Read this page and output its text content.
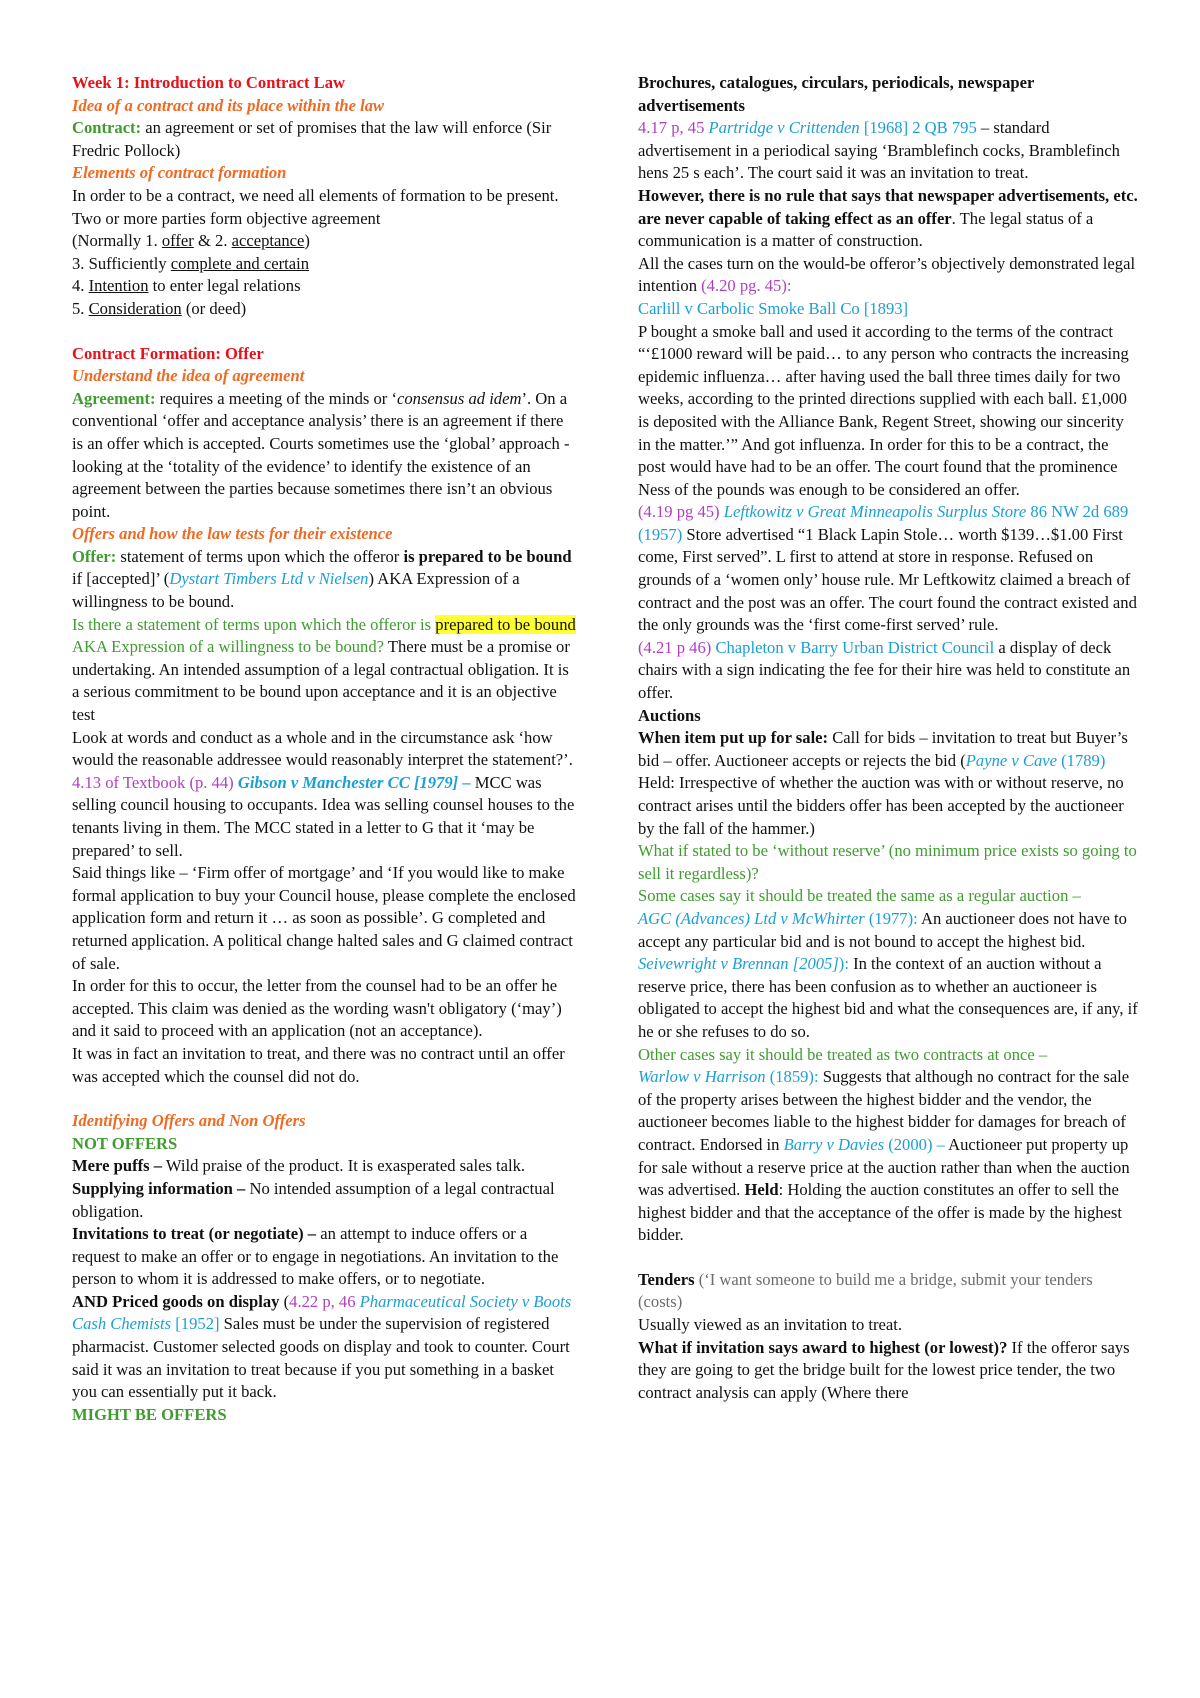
Week 1: Introduction to Contract Law
Idea of a contract and its place within the law
Contract: an agreement or set of promises that the law will enforce (Sir Fredric Pollock)
Elements of contract formation
In order to be a contract, we need all elements of formation to be present.
Two or more parties form objective agreement
(Normally 1. offer & 2. acceptance)
3. Sufficiently complete and certain
4. Intention to enter legal relations
5. Consideration (or deed)
Contract Formation: Offer
Understand the idea of agreement
Agreement: requires a meeting of the minds or ‘consensus ad idem’. On a conventional ‘offer and acceptance analysis’ there is an agreement if there is an offer which is accepted. Courts sometimes use the ‘global’ approach - looking at the ‘totality of the evidence’ to identify the existence of an agreement between the parties because sometimes there isn’t an obvious point.
Offers and how the law tests for their existence
Offer: statement of terms upon which the offeror is prepared to be bound if [accepted]’ (Dystart Timbers Ltd v Nielsen) AKA Expression of a willingness to be bound.
Is there a statement of terms upon which the offeror is prepared to be bound AKA Expression of a willingness to be bound? There must be a promise or undertaking. An intended assumption of a legal contractual obligation. It is a serious commitment to be bound upon acceptance and it is an objective test
Look at words and conduct as a whole and in the circumstance ask ‘how would the reasonable addressee would reasonably interpret the statement?’.
4.13 of Textbook (p. 44) Gibson v Manchester CC [1979] – MCC was selling council housing to occupants. Idea was selling counsel houses to the tenants living in them. The MCC stated in a letter to G that it ‘may be prepared’ to sell.
Said things like – ‘Firm offer of mortgage’ and ‘If you would like to make formal application to buy your Council house, please complete the enclosed application form and return it … as soon as possible’. G completed and returned application. A political change halted sales and G claimed contract of sale.
In order for this to occur, the letter from the counsel had to be an offer he accepted. This claim was denied as the wording wasn't obligatory (‘may’) and it said to proceed with an application (not an acceptance).
It was in fact an invitation to treat, and there was no contract until an offer was accepted which the counsel did not do.
Identifying Offers and Non Offers
NOT OFFERS
Mere puffs – Wild praise of the product. It is exasperated sales talk.
Supplying information – No intended assumption of a legal contractual obligation.
Invitations to treat (or negotiate) – an attempt to induce offers or a request to make an offer or to engage in negotiations. An invitation to the person to whom it is addressed to make offers, or to negotiate.
AND Priced goods on display (4.22 p, 46 Pharmaceutical Society v Boots Cash Chemists [1952] Sales must be under the supervision of registered pharmacist. Customer selected goods on display and took to counter. Court said it was an invitation to treat because if you put something in a basket you can essentially put it back.
MIGHT BE OFFERS
Brochures, catalogues, circulars, periodicals, newspaper advertisements
4.17 p, 45 Partridge v Crittenden [1968] 2 QB 795 – standard advertisement in a periodical saying ‘Bramblefinch cocks, Bramblefinch hens 25 s each’. The court said it was an invitation to treat.
However, there is no rule that says that newspaper advertisements, etc. are never capable of taking effect as an offer. The legal status of a communication is a matter of construction.
All the cases turn on the would-be offeror’s objectively demonstrated legal intention (4.20 pg. 45):
Carlill v Carbolic Smoke Ball Co [1893]
P bought a smoke ball and used it according to the terms of the contract “‘£1000 reward will be paid… to any person who contracts the increasing epidemic influenza… after having used the ball three times daily for two weeks, according to the printed directions supplied with each ball. £1,000 is deposited with the Alliance Bank, Regent Street, showing our sincerity in the matter.’” And got influenza. In order for this to be a contract, the post would have had to be an offer. The court found that the prominence Ness of the pounds was enough to be considered an offer.
(4.19 pg 45) Leftkowitz v Great Minneapolis Surplus Store 86 NW 2d 689 (1957) Store advertised “1 Black Lapin Stole… worth $139…$1.00 First come, First served”. L first to attend at store in response. Refused on grounds of a ‘women only’ house rule. Mr Leftkowitz claimed a breach of contract and the post was an offer. The court found the contract existed and the only grounds was the ‘first come-first served’ rule.
(4.21 p 46) Chapleton v Barry Urban District Council a display of deck chairs with a sign indicating the fee for their hire was held to constitute an offer.
Auctions
When item put up for sale: Call for bids – invitation to treat but Buyer’s bid – offer. Auctioneer accepts or rejects the bid (Payne v Cave (1789) Held: Irrespective of whether the auction was with or without reserve, no contract arises until the bidders offer has been accepted by the auctioneer by the fall of the hammer.)
What if stated to be ‘without reserve’ (no minimum price exists so going to sell it regardless)?
Some cases say it should be treated the same as a regular auction –
AGC (Advances) Ltd v McWhirter (1977): An auctioneer does not have to accept any particular bid and is not bound to accept the highest bid.
Seivewright v Brennan [2005]): In the context of an auction without a reserve price, there has been confusion as to whether an auctioneer is obligated to accept the highest bid and what the consequences are, if any, if he or she refuses to do so.
Other cases say it should be treated as two contracts at once –
Warlow v Harrison (1859): Suggests that although no contract for the sale of the property arises between the highest bidder and the vendor, the auctioneer becomes liable to the highest bidder for damages for breach of contract. Endorsed in Barry v Davies (2000) – Auctioneer put property up for sale without a reserve price at the auction rather than when the auction was advertised. Held: Holding the auction constitutes an offer to sell the highest bidder and that the acceptance of the offer is made by the highest bidder.
Tenders (‘I want someone to build me a bridge, submit your tenders (costs)
Usually viewed as an invitation to treat.
What if invitation says award to highest (or lowest)? If the offeror says they are going to get the bridge built for the lowest price tender, the two contract analysis can apply (Where there
